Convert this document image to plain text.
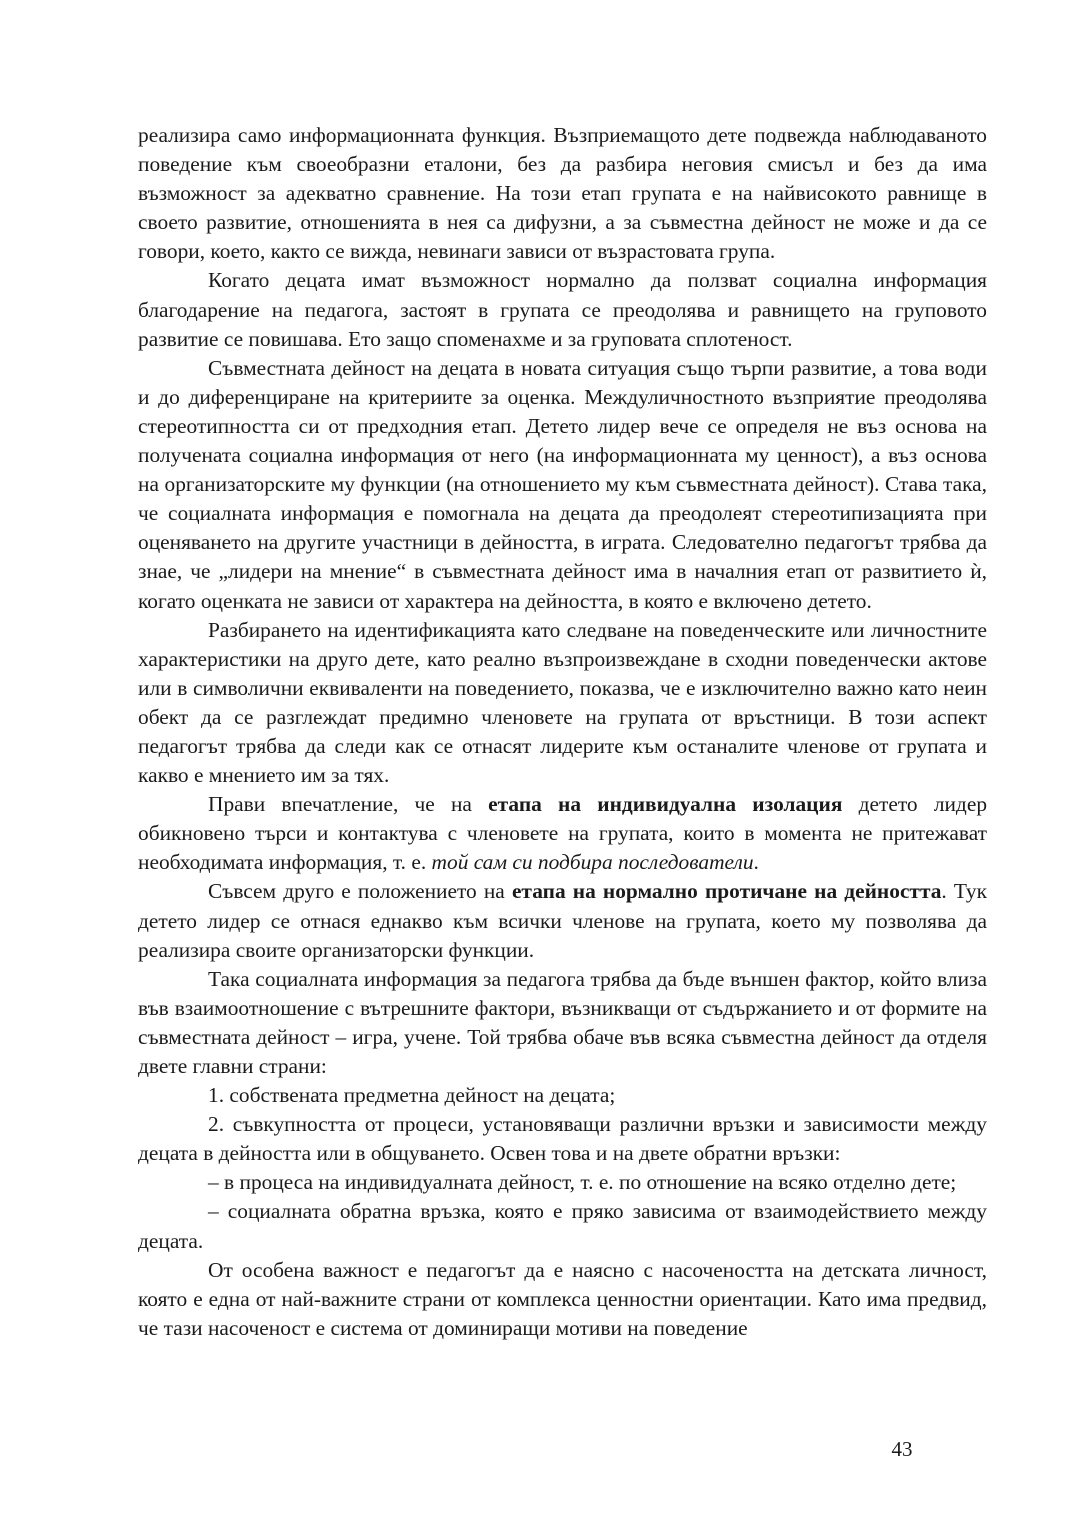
реализира само информационната функция. Възприемащото дете подвежда наблюдаваното поведение към своеобразни еталони, без да разбира неговия смисъл и без да има възможност за адекватно сравнение. На този етап групата е на найвисокото равнище в своето развитие, отношенията в нея са дифузни, а за съвместна дейност не може и да се говори, което, както се вижда, невинаги зависи от възрастовата група.

Когато децата имат възможност нормално да ползват социална информация благодарение на педагога, застоят в групата се преодолява и равнището на груповото развитие се повишава. Ето защо споменахме и за груповата сплотеност.

Съвместната дейност на децата в новата ситуация също търпи развитие, а това води и до диференциране на критериите за оценка. Междуличностното възприятие преодолява стереотипността си от предходния етап. Детето лидер вече се определя не въз основа на получената социална информация от него (на информационната му ценност), а въз основа на организаторските му функции (на отношението му към съвместната дейност). Става така, че социалната информация е помогнала на децата да преодолеят стереотипизацията при оценяването на другите участници в дейността, в играта. Следователно педагогът трябва да знае, че „лидери на мнение“ в съвместната дейност има в началния етап от развитието ѝ, когато оценката не зависи от характера на дейността, в която е включено детето.

Разбирането на идентификацията като следване на поведенческите или личностните характеристики на друго дете, като реално възпроизвеждане в сходни поведенчески актове или в символични еквиваленти на поведението, показва, че е изключително важно като неин обект да се разглеждат предимно членовете на групата от връстници. В този аспект педагогът трябва да следи как се отнасят лидерите към останалите членове от групата и какво е мнението им за тях.

Прави впечатление, че на етапа на индивидуална изолация детето лидер обикновено търси и контактува с членовете на групата, които в момента не притежават необходимата информация, т. е. той сам си подбира последователи.

Съвсем друго е положението на етапа на нормално протичане на дейността. Тук детето лидер се отнася еднакво към всички членове на групата, което му позволява да реализира своите организаторски функции.

Така социалната информация за педагога трябва да бъде външен фактор, който влиза във взаимоотношение с вътрешните фактори, възникващи от съдържанието и от формите на съвместната дейност – игра, учене. Той трябва обаче във всяка съвместна дейност да отделя двете главни страни:

1. собствената предметна дейност на децата;

2. съвкупността от процеси, установяващи различни връзки и зависимости между децата в дейността или в общуването. Освен това и на двете обратни връзки:

– в процеса на индивидуалната дейност, т. е. по отношение на всяко отделно дете;

– социалната обратна връзка, която е пряко зависима от взаимодействието между децата.

От особена важност е педагогът да е наясно с насочеността на детската личност, която е една от най-важните страни от комплекса ценностни ориентации. Като има предвид, че тази насоченост е система от доминиращи мотиви на поведение

43
